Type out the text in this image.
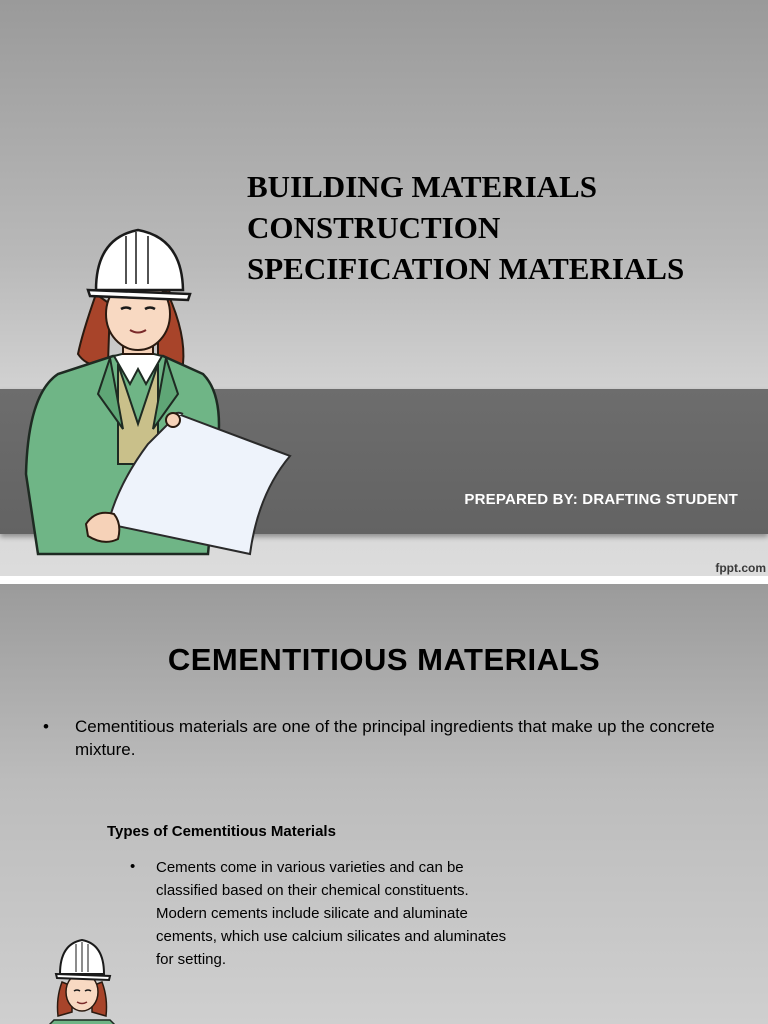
BUILDING MATERIALS
CONSTRUCTION
SPECIFICATION MATERIALS
PREPARED BY: DRAFTING STUDENT
fppt.com
CEMENTITIOUS MATERIALS
• Cementitious materials are one of the principal ingredients that make up the concrete mixture.
Types of Cementitious Materials
• Cements come in various varieties and can be classified based on their chemical constituents. Modern cements include silicate and aluminate cements, which use calcium silicates and aluminates for setting.
